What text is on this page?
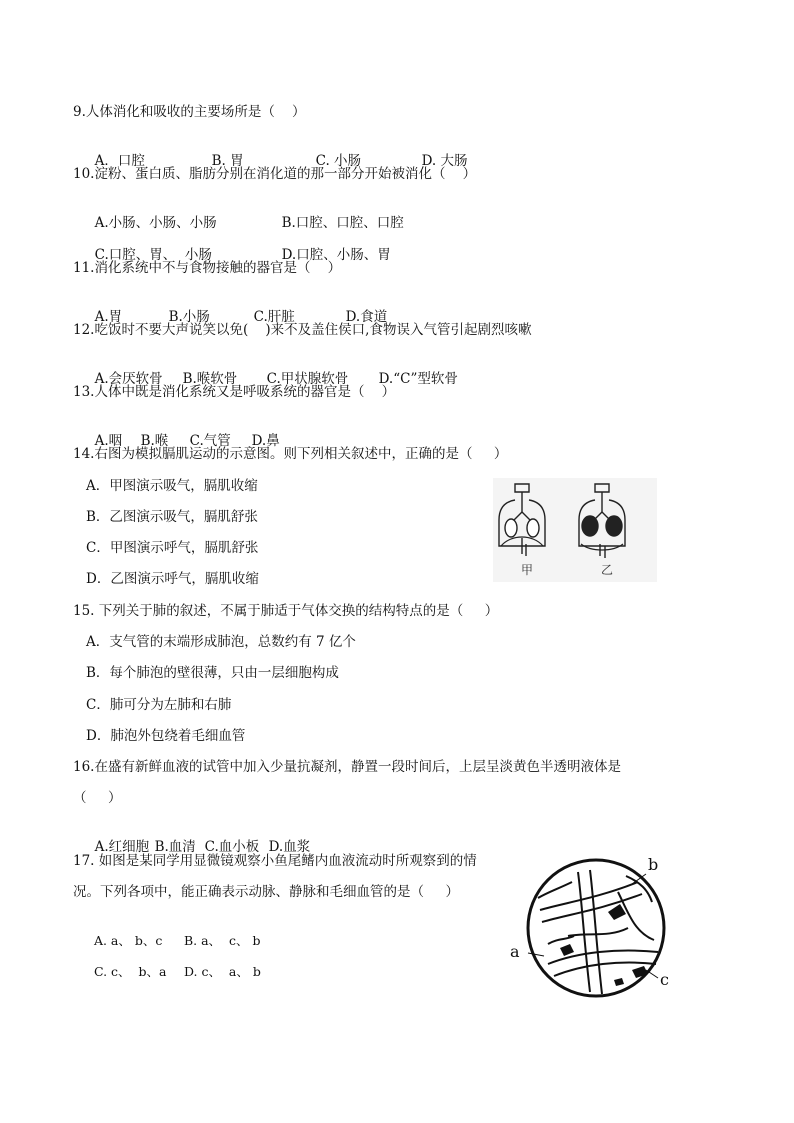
9.人体消化和吸收的主要场所是（    ）

A．口腔	B. 胃	C. 小肠	D. 大肠

10.淀粉、蛋白质、脂肪分别在消化道的那一部分开始被消化（    ）

A.小肠、小肠、小肠	B.口腔、口腔、口腔

C.口腔、胃、  小肠	D.口腔、小肠、胃

11.消化系统中不与食物接触的器官是（    ）

A.胃	B.小肠	C.肝脏	D.食道

12.吃饭时不要大声说笑以免(    )来不及盖住侯口,食物误入气管引起剧烈咳嗽

A.会厌软骨 B.喉软骨 C.甲状腺软骨 D.“C”型软骨

13.人体中既是消化系统又是呼吸系统的器官是（    ）

A.咽 B.喉 C.气管 D.鼻

14.右图为模拟膈肌运动的示意图。则下列相关叙述中，正确的是（     ）
A．甲图演示吸气，膈肌收缩
B．乙图演示吸气，膈肌舒张
C．甲图演示呼气，膈肌舒张
D．乙图演示呼气，膈肌收缩
甲	乙
15. 下列关于肺的叙述，不属于肺适于气体交换的结构特点的是（     ）
A．支气管的末端形成肺泡，总数约有 7 亿个
B．每个肺泡的壁很薄，只由一层细胞构成
C．肺可分为左肺和右肺
D．肺泡外包绕着毛细血管
16.在盛有新鲜血液的试管中加入少量抗凝剂，静置一段时间后，上层呈淡黄色半透明液体是
（     ）

A.红细胞 B.血清 C.血小板 D.血浆

17. 如图是某同学用显微镜观察小鱼尾鳍内血液流动时所观察到的情
况。下列各项中，能正确表示动脉、静脉和毛细血管的是（     ）

A. a、 b、c B. a、  c、 b

C. c、  b、a D. c、  a、 b

b
a
c
